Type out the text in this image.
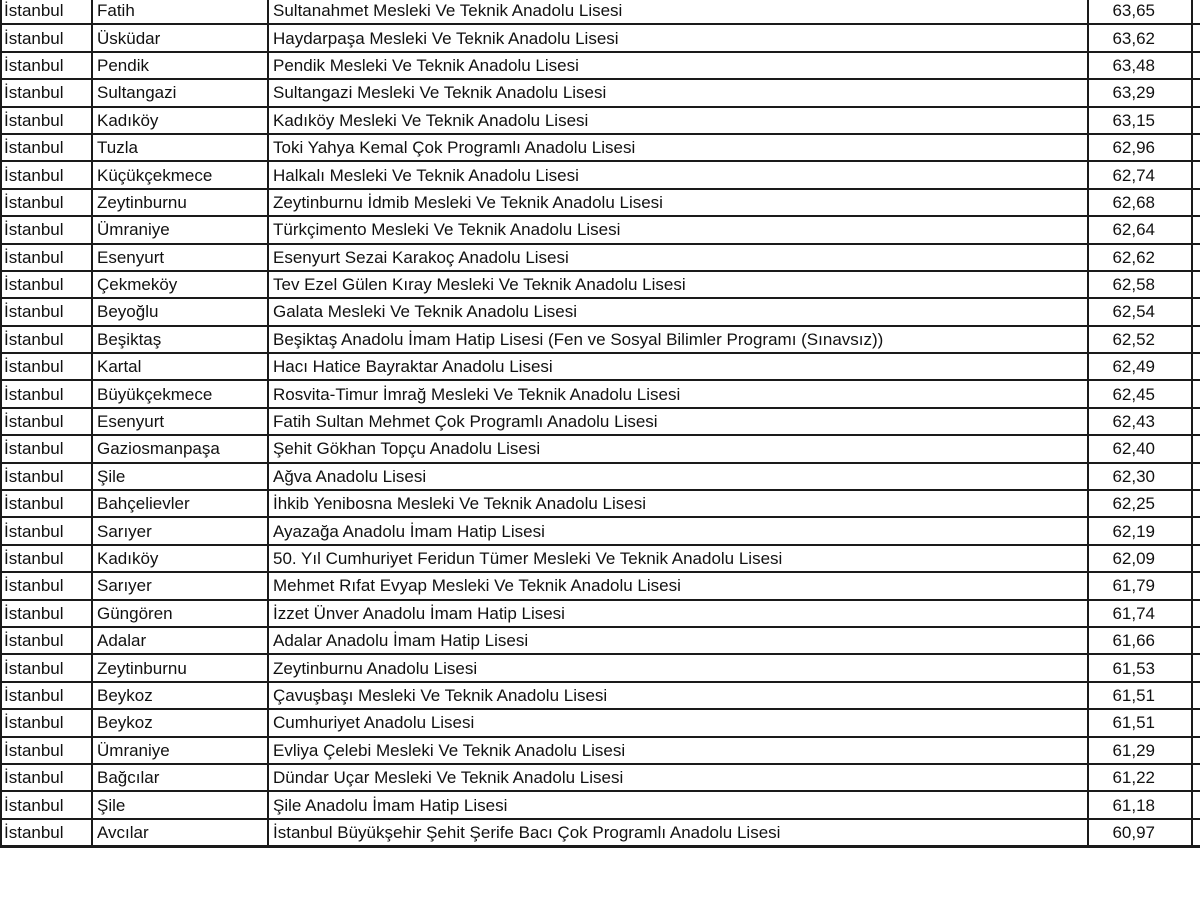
İstanbul	Fatih	Sultanahmet Mesleki Ve Teknik Anadolu Lisesi	63,65	
İstanbul	Üsküdar	Haydarpaşa Mesleki Ve Teknik Anadolu Lisesi	63,62	
İstanbul	Pendik	Pendik Mesleki Ve Teknik Anadolu Lisesi	63,48	
İstanbul	Sultangazi	Sultangazi Mesleki Ve Teknik Anadolu Lisesi	63,29	
İstanbul	Kadıköy	Kadıköy Mesleki Ve Teknik Anadolu Lisesi	63,15	
İstanbul	Tuzla	Toki Yahya Kemal Çok Programlı Anadolu Lisesi	62,96	
İstanbul	Küçükçekmece	Halkalı Mesleki Ve Teknik Anadolu Lisesi	62,74	
İstanbul	Zeytinburnu	Zeytinburnu İdmib Mesleki Ve Teknik Anadolu Lisesi	62,68	
İstanbul	Ümraniye	Türkçimento Mesleki Ve Teknik Anadolu Lisesi	62,64	
İstanbul	Esenyurt	Esenyurt Sezai Karakoç Anadolu Lisesi	62,62	
İstanbul	Çekmeköy	Tev Ezel Gülen Kıray Mesleki Ve Teknik Anadolu Lisesi	62,58	
İstanbul	Beyoğlu	Galata Mesleki Ve Teknik Anadolu Lisesi	62,54	
İstanbul	Beşiktaş	Beşiktaş Anadolu İmam Hatip Lisesi (Fen ve Sosyal Bilimler Programı (Sınavsız))	62,52	
İstanbul	Kartal	Hacı Hatice Bayraktar Anadolu Lisesi	62,49	
İstanbul	Büyükçekmece	Rosvita-Timur İmrağ Mesleki Ve Teknik Anadolu Lisesi	62,45	
İstanbul	Esenyurt	Fatih Sultan Mehmet Çok Programlı Anadolu Lisesi	62,43	
İstanbul	Gaziosmanpaşa	Şehit Gökhan Topçu Anadolu Lisesi	62,40	
İstanbul	Şile	Ağva Anadolu Lisesi	62,30	
İstanbul	Bahçelievler	İhkib Yenibosna Mesleki Ve Teknik Anadolu Lisesi	62,25	
İstanbul	Sarıyer	Ayazağa Anadolu İmam Hatip Lisesi	62,19	
İstanbul	Kadıköy	50. Yıl Cumhuriyet Feridun Tümer Mesleki Ve Teknik Anadolu Lisesi	62,09	
İstanbul	Sarıyer	Mehmet Rıfat Evyap Mesleki Ve Teknik Anadolu Lisesi	61,79	
İstanbul	Güngören	İzzet Ünver Anadolu İmam Hatip Lisesi	61,74	
İstanbul	Adalar	Adalar Anadolu İmam Hatip Lisesi	61,66	
İstanbul	Zeytinburnu	Zeytinburnu Anadolu Lisesi	61,53	
İstanbul	Beykoz	Çavuşbaşı Mesleki Ve Teknik Anadolu Lisesi	61,51	
İstanbul	Beykoz	Cumhuriyet Anadolu Lisesi	61,51	
İstanbul	Ümraniye	Evliya Çelebi Mesleki Ve Teknik Anadolu Lisesi	61,29	
İstanbul	Bağcılar	Dündar Uçar Mesleki Ve Teknik Anadolu Lisesi	61,22	
İstanbul	Şile	Şile Anadolu İmam Hatip Lisesi	61,18	
İstanbul	Avcılar	İstanbul Büyükşehir Şehit Şerife Bacı Çok Programlı Anadolu Lisesi	60,97	
